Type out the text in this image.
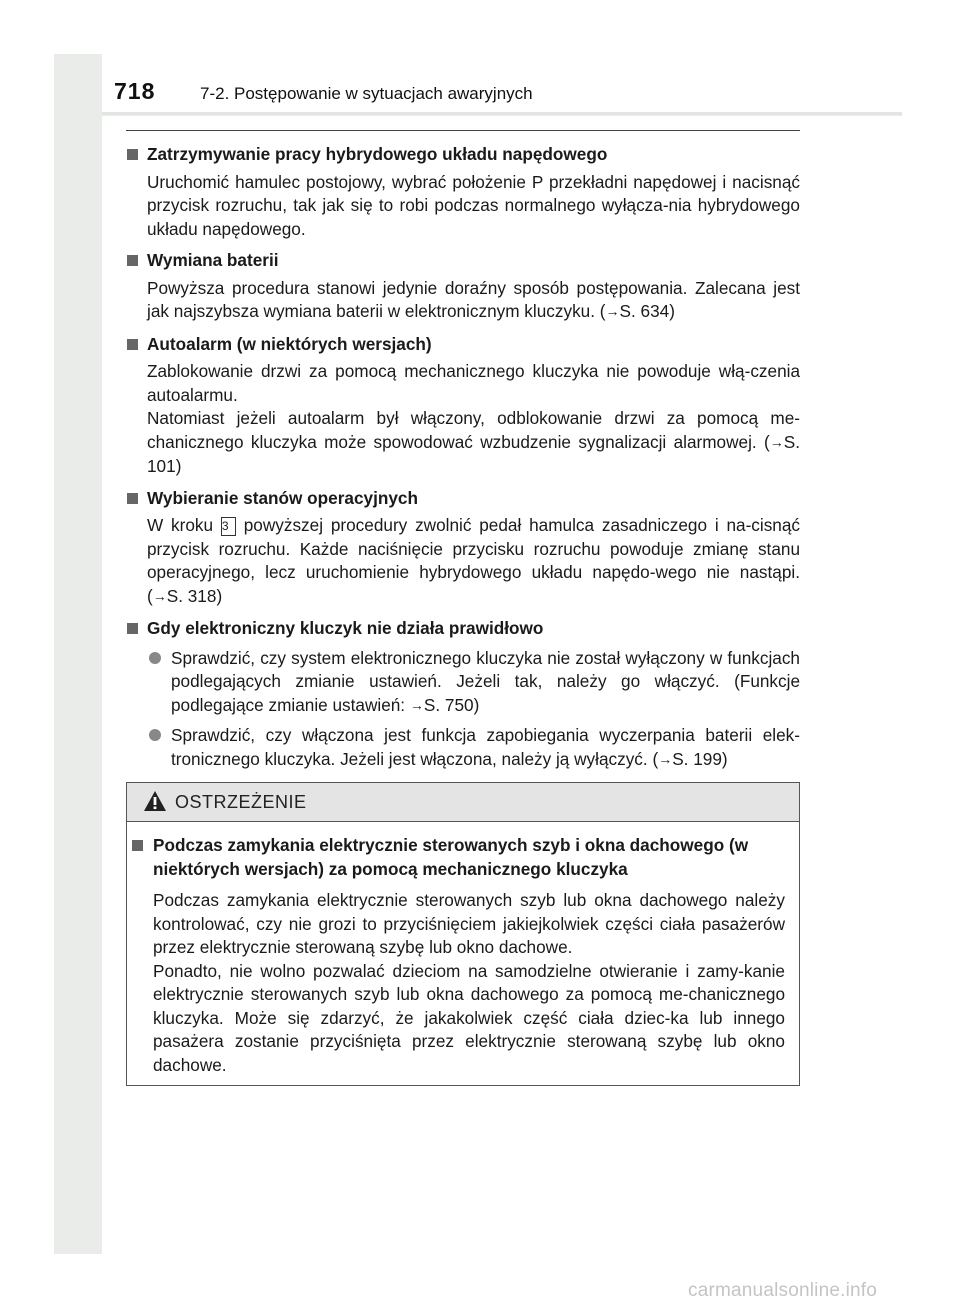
718	7-2. Postępowanie w sytuacjach awaryjnych
Zatrzymywanie pracy hybrydowego układu napędowego
Uruchomić hamulec postojowy, wybrać położenie P przekładni napędowej i nacisnąć przycisk rozruchu, tak jak się to robi podczas normalnego wyłącza-nia hybrydowego układu napędowego.
Wymiana baterii
Powyższa procedura stanowi jedynie doraźny sposób postępowania. Zalecana jest jak najszybsza wymiana baterii w elektronicznym kluczyku. (→S. 634)
Autoalarm (w niektórych wersjach)
Zablokowanie drzwi za pomocą mechanicznego kluczyka nie powoduje włą-czenia autoalarmu.
Natomiast jeżeli autoalarm był włączony, odblokowanie drzwi za pomocą me-chanicznego kluczyka może spowodować wzbudzenie sygnalizacji alarmowej. (→S. 101)
Wybieranie stanów operacyjnych
W kroku 3 powyższej procedury zwolnić pedał hamulca zasadniczego i na-cisnąć przycisk rozruchu. Każde naciśnięcie przycisku rozruchu powoduje zmianę stanu operacyjnego, lecz uruchomienie hybrydowego układu napędo-wego nie nastąpi. (→S. 318)
Gdy elektroniczny kluczyk nie działa prawidłowo
Sprawdzić, czy system elektronicznego kluczyka nie został wyłączony w funkcjach podlegających zmianie ustawień. Jeżeli tak, należy go włączyć. (Funkcje podlegające zmianie ustawień: →S. 750)
Sprawdzić, czy włączona jest funkcja zapobiegania wyczerpania baterii elek-tronicznego kluczyka. Jeżeli jest włączona, należy ją wyłączyć. (→S. 199)
OSTRZEŻENIE
Podczas zamykania elektrycznie sterowanych szyb i okna dachowego (w niektórych wersjach) za pomocą mechanicznego kluczyka
Podczas zamykania elektrycznie sterowanych szyb lub okna dachowego należy kontrolować, czy nie grozi to przyciśnięciem jakiejkolwiek części ciała pasażerów przez elektrycznie sterowaną szybę lub okno dachowe.
Ponadto, nie wolno pozwalać dzieciom na samodzielne otwieranie i zamy-kanie elektrycznie sterowanych szyb lub okna dachowego za pomocą me-chanicznego kluczyka. Może się zdarzyć, że jakakolwiek część ciała dziec-ka lub innego pasażera zostanie przyciśnięta przez elektrycznie sterowaną szybę lub okno dachowe.
carmanualsonline.info
